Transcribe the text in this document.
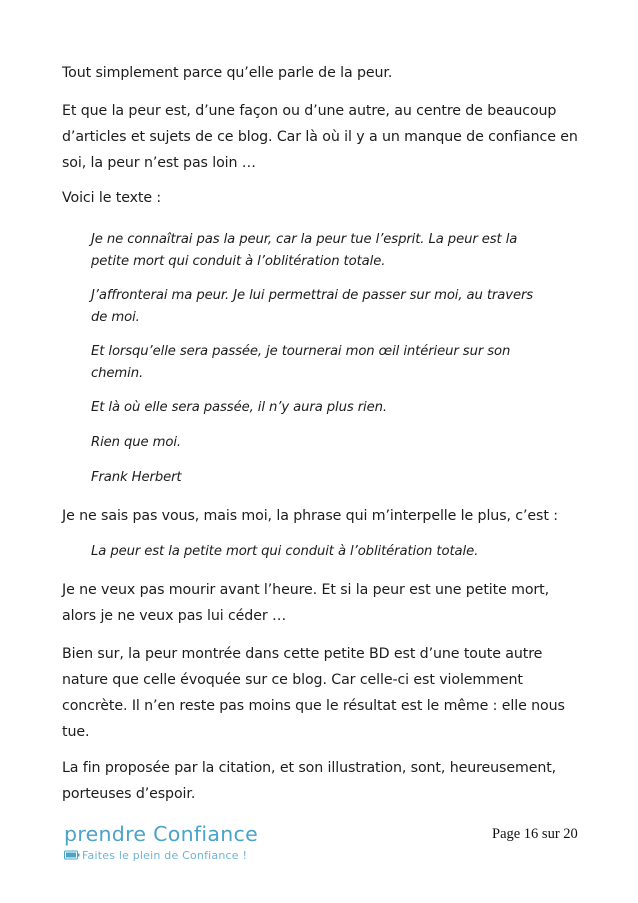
Tout simplement parce qu’elle parle de la peur.

Et que la peur est, d’une façon ou d’une autre, au centre de beaucoup d’articles et sujets de ce blog. Car là où il y a un manque de confiance en soi, la peur n’est pas loin …

Voici le texte :

Je ne connaîtrai pas la peur, car la peur tue l’esprit. La peur est la petite mort qui conduit à l’oblitération totale.

J’affronterai ma peur. Je lui permettrai de passer sur moi, au travers de moi.

Et lorsqu’elle sera passée, je tournerai mon œil intérieur sur son chemin.

Et là où elle sera passée, il n’y aura plus rien.

Rien que moi.

Frank Herbert

Je ne sais pas vous, mais moi, la phrase qui m’interpelle le plus, c’est :

La peur est la petite mort qui conduit à l’oblitération totale.

Je ne veux pas mourir avant l’heure. Et si la peur est une petite mort, alors je ne veux pas lui céder …

Bien sur, la peur montrée dans cette petite BD est d’une toute autre nature que celle évoquée sur ce blog. Car celle-ci est violemment concrète. Il n’en reste pas moins que le résultat est le même : elle nous tue.

La fin proposée par la citation, et son illustration, sont, heureusement, porteuses d’espoir.

prendre Confiance
Faites le plein de Confiance !
Page 16 sur 20
